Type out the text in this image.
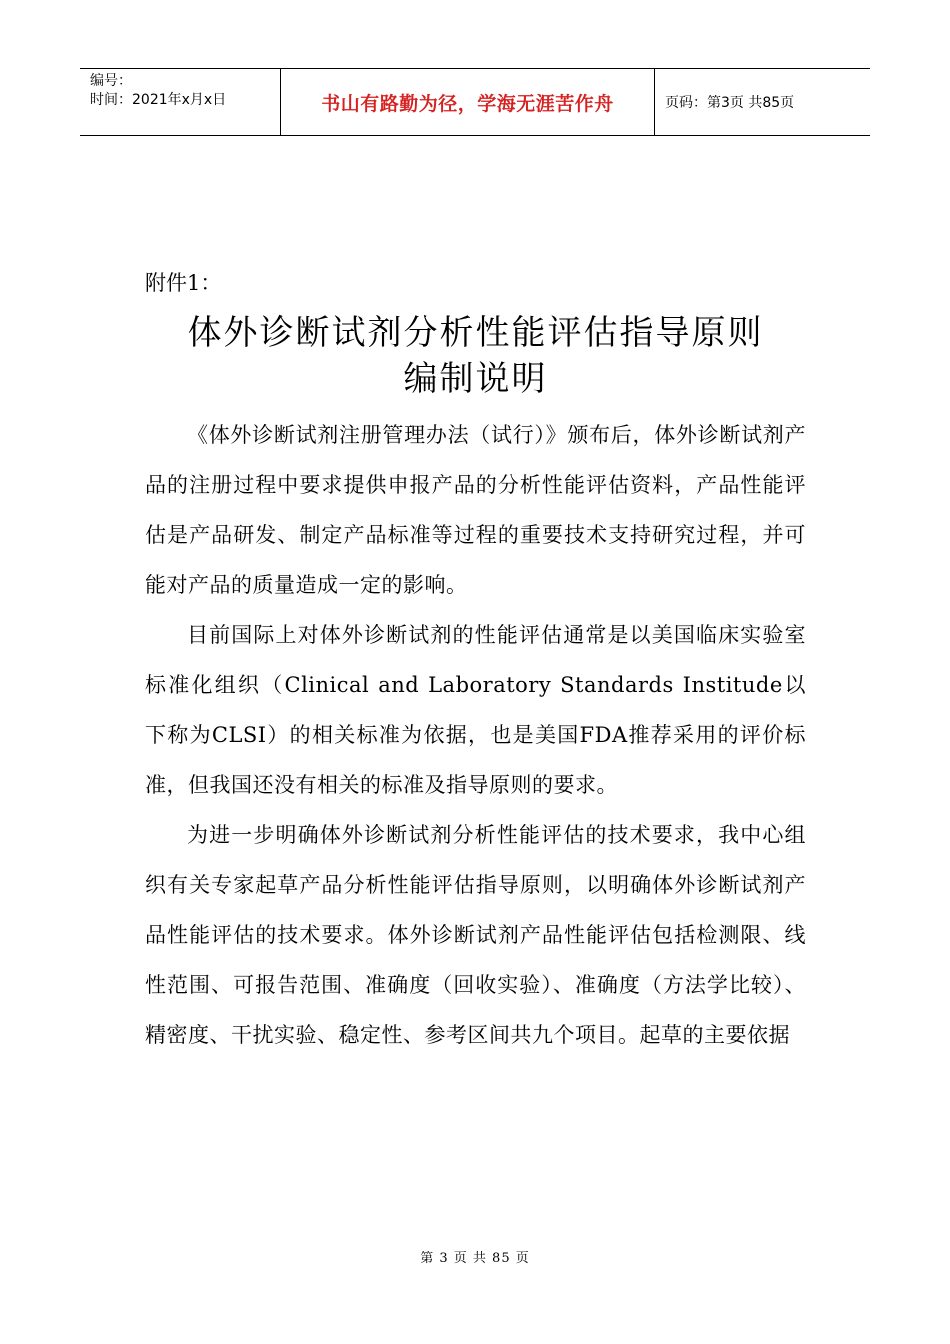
编号：
时间：2021年x月x日	书山有路勤为径，学海无涯苦作舟	页码：第3页 共85页

附件1：

体外诊断试剂分析性能评估指导原则
编制说明

《体外诊断试剂注册管理办法（试行）》颁布后，体外诊断试剂产品的注册过程中要求提供申报产品的分析性能评估资料，产品性能评估是产品研发、制定产品标准等过程的重要技术支持研究过程，并可能对产品的质量造成一定的影响。

目前国际上对体外诊断试剂的性能评估通常是以美国临床实验室标准化组织（Clinical and Laboratory Standards Institude以下称为CLSI）的相关标准为依据，也是美国FDA推荐采用的评价标准，但我国还没有相关的标准及指导原则的要求。

为进一步明确体外诊断试剂分析性能评估的技术要求，我中心组织有关专家起草产品分析性能评估指导原则，以明确体外诊断试剂产品性能评估的技术要求。体外诊断试剂产品性能评估包括检测限、线性范围、可报告范围、准确度（回收实验）、准确度（方法学比较）、精密度、干扰实验、稳定性、参考区间共九个项目。起草的主要依据

第 3 页 共 85 页
